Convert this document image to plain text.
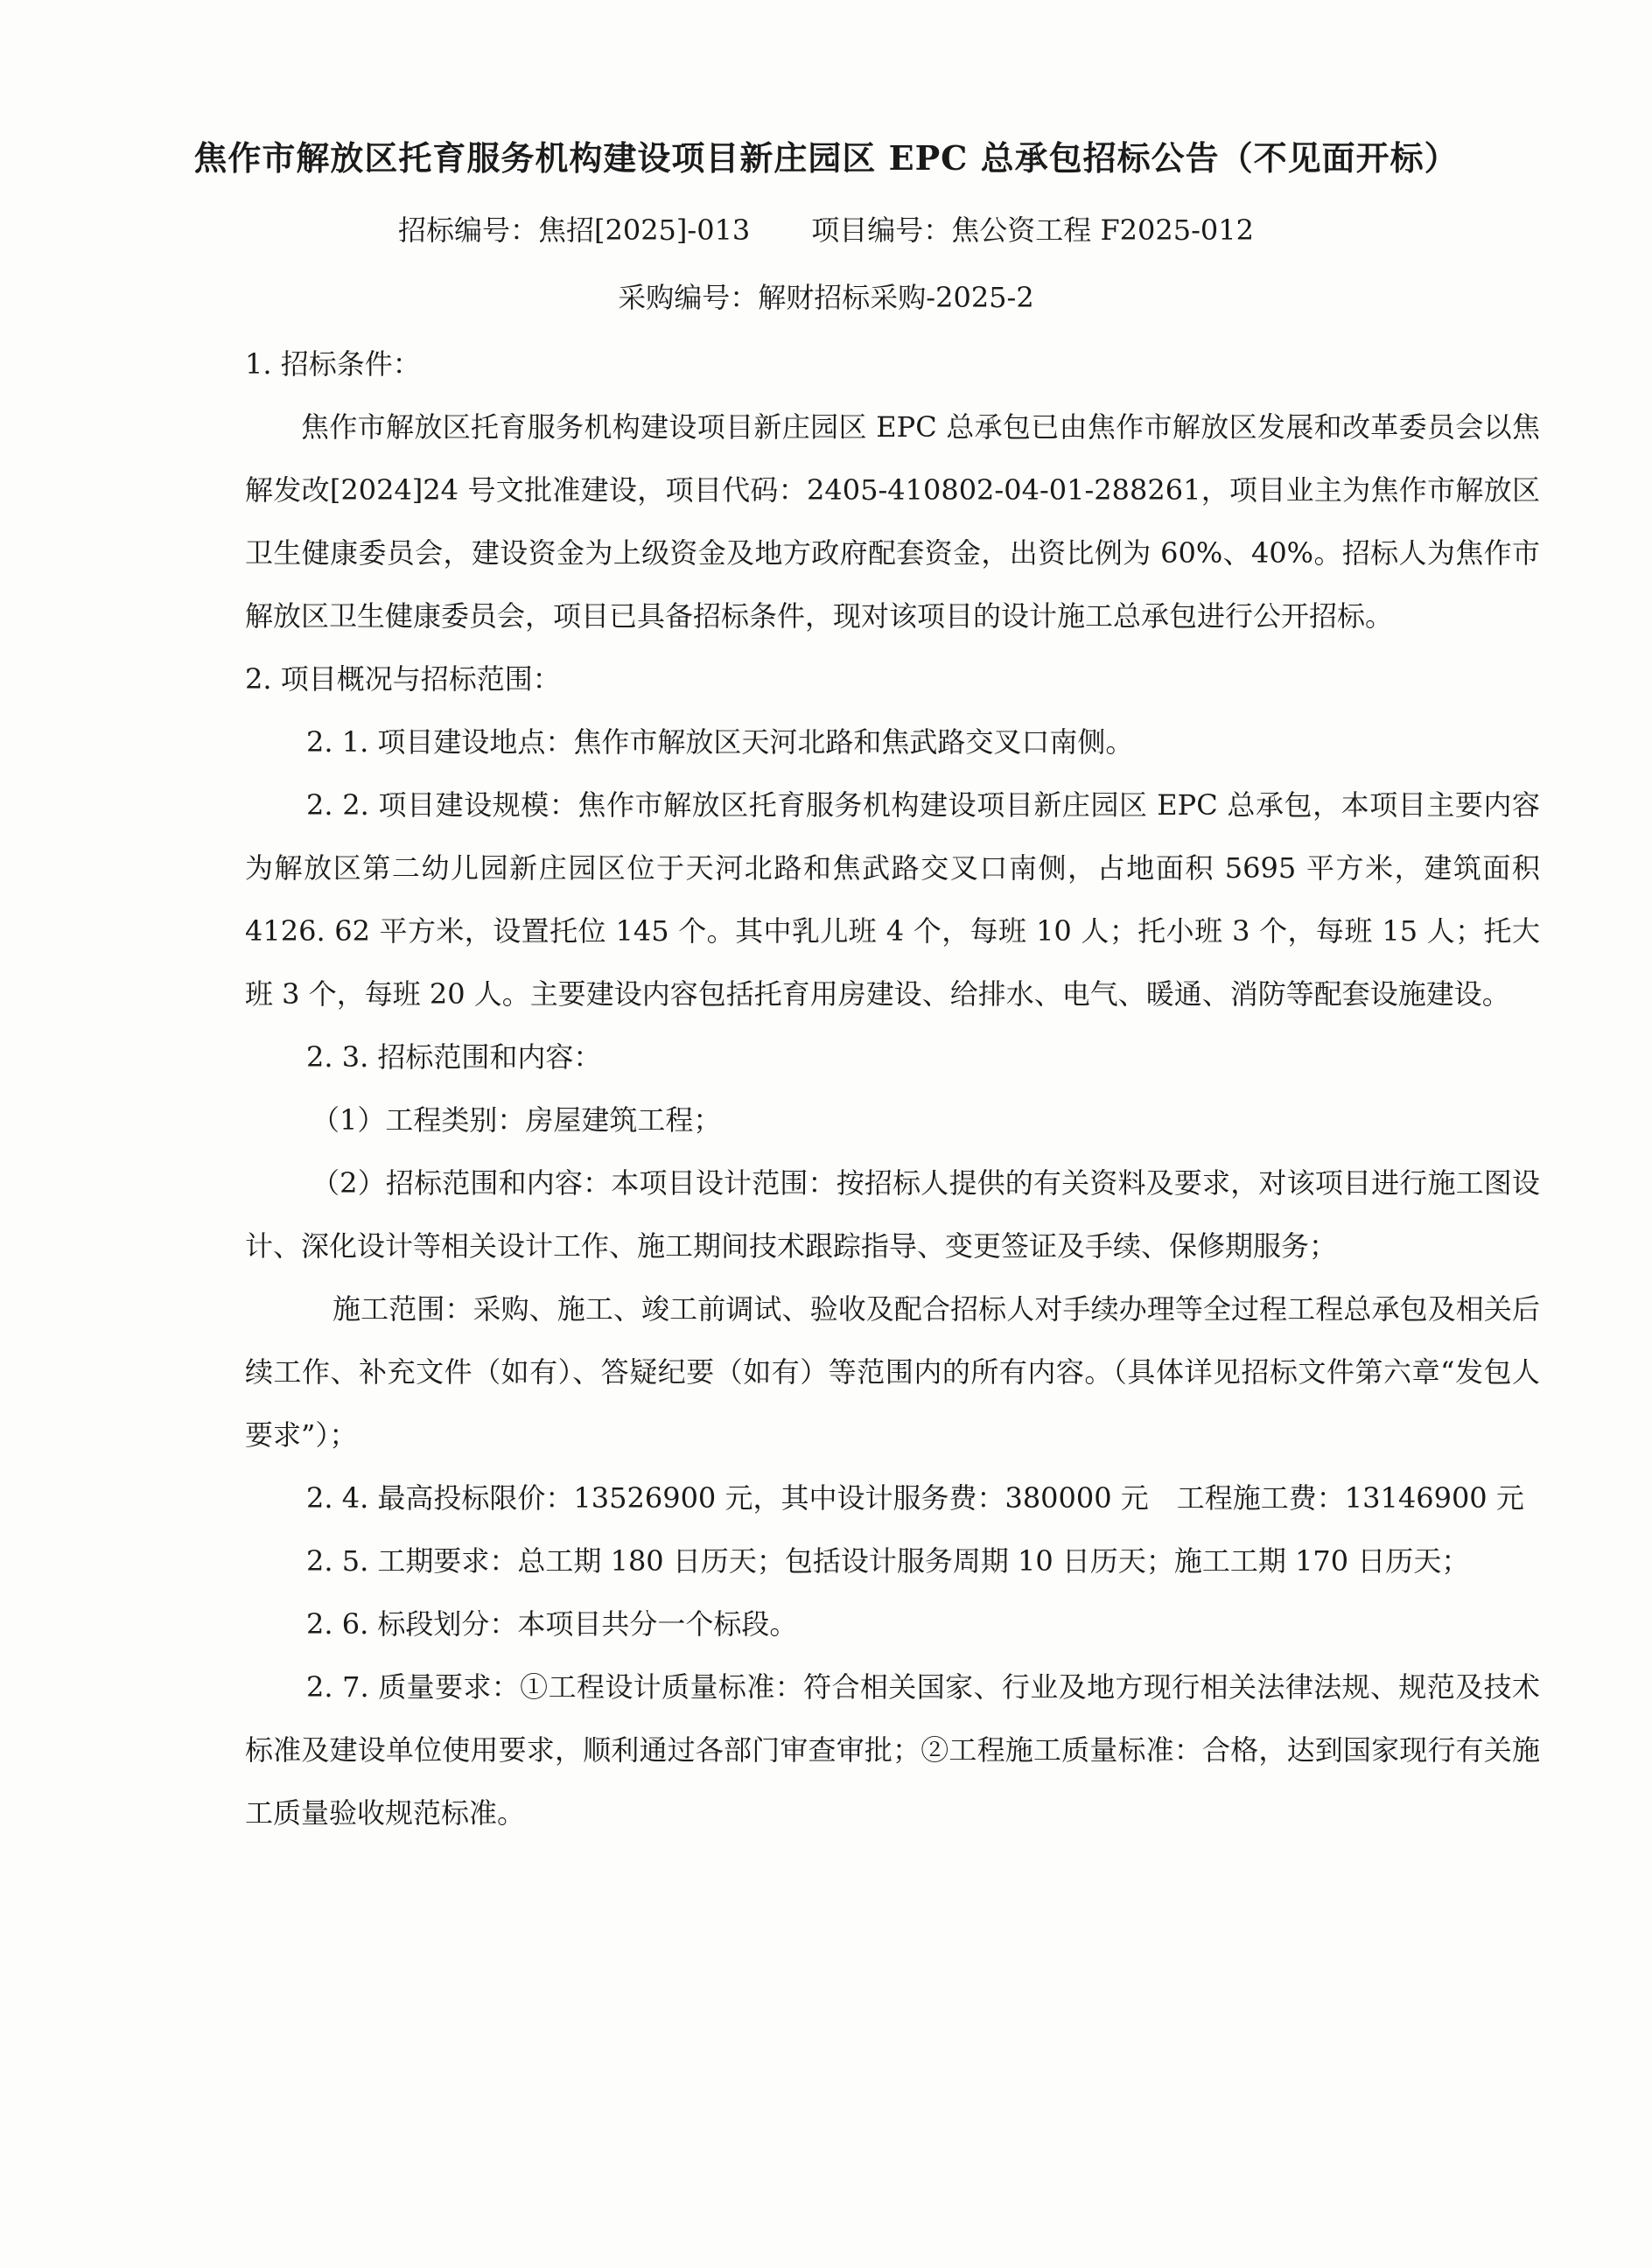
焦作市解放区托育服务机构建设项目新庄园区 EPC 总承包招标公告（不见面开标）
招标编号：焦招[2025]-013 项目编号：焦公资工程 F2025-012
采购编号：解财招标采购-2025-2

1. 招标条件：

焦作市解放区托育服务机构建设项目新庄园区 EPC 总承包已由焦作市解放区发展和改革委员会以焦解发改[2024]24 号文批准建设，项目代码：2405-410802-04-01-288261，项目业主为焦作市解放区卫生健康委员会，建设资金为上级资金及地方政府配套资金，出资比例为 60%、40%。招标人为焦作市解放区卫生健康委员会，项目已具备招标条件，现对该项目的设计施工总承包进行公开招标。

2. 项目概况与招标范围：

2. 1. 项目建设地点：焦作市解放区天河北路和焦武路交叉口南侧。

2. 2. 项目建设规模：焦作市解放区托育服务机构建设项目新庄园区 EPC 总承包，本项目主要内容为解放区第二幼儿园新庄园区位于天河北路和焦武路交叉口南侧，占地面积 5695 平方米，建筑面积 4126. 62 平方米，设置托位 145 个。其中乳儿班 4 个，每班 10 人；托小班 3 个，每班 15 人；托大班 3 个，每班 20 人。主要建设内容包括托育用房建设、给排水、电气、暖通、消防等配套设施建设。

2. 3. 招标范围和内容：

（1）工程类别：房屋建筑工程；

（2）招标范围和内容：本项目设计范围：按招标人提供的有关资料及要求，对该项目进行施工图设计、深化设计等相关设计工作、施工期间技术跟踪指导、变更签证及手续、保修期服务；

施工范围：采购、施工、竣工前调试、验收及配合招标人对手续办理等全过程工程总承包及相关后续工作、补充文件（如有）、答疑纪要（如有）等范围内的所有内容。（具体详见招标文件第六章“发包人要求”）；

2. 4. 最高投标限价：13526900 元，其中设计服务费：380000 元　工程施工费：13146900 元

2. 5. 工期要求：总工期 180 日历天；包括设计服务周期 10 日历天；施工工期 170 日历天；

2. 6. 标段划分：本项目共分一个标段。

2. 7. 质量要求：①工程设计质量标准：符合相关国家、行业及地方现行相关法律法规、规范及技术标准及建设单位使用要求，顺利通过各部门审查审批；②工程施工质量标准：合格，达到国家现行有关施工质量验收规范标准。
